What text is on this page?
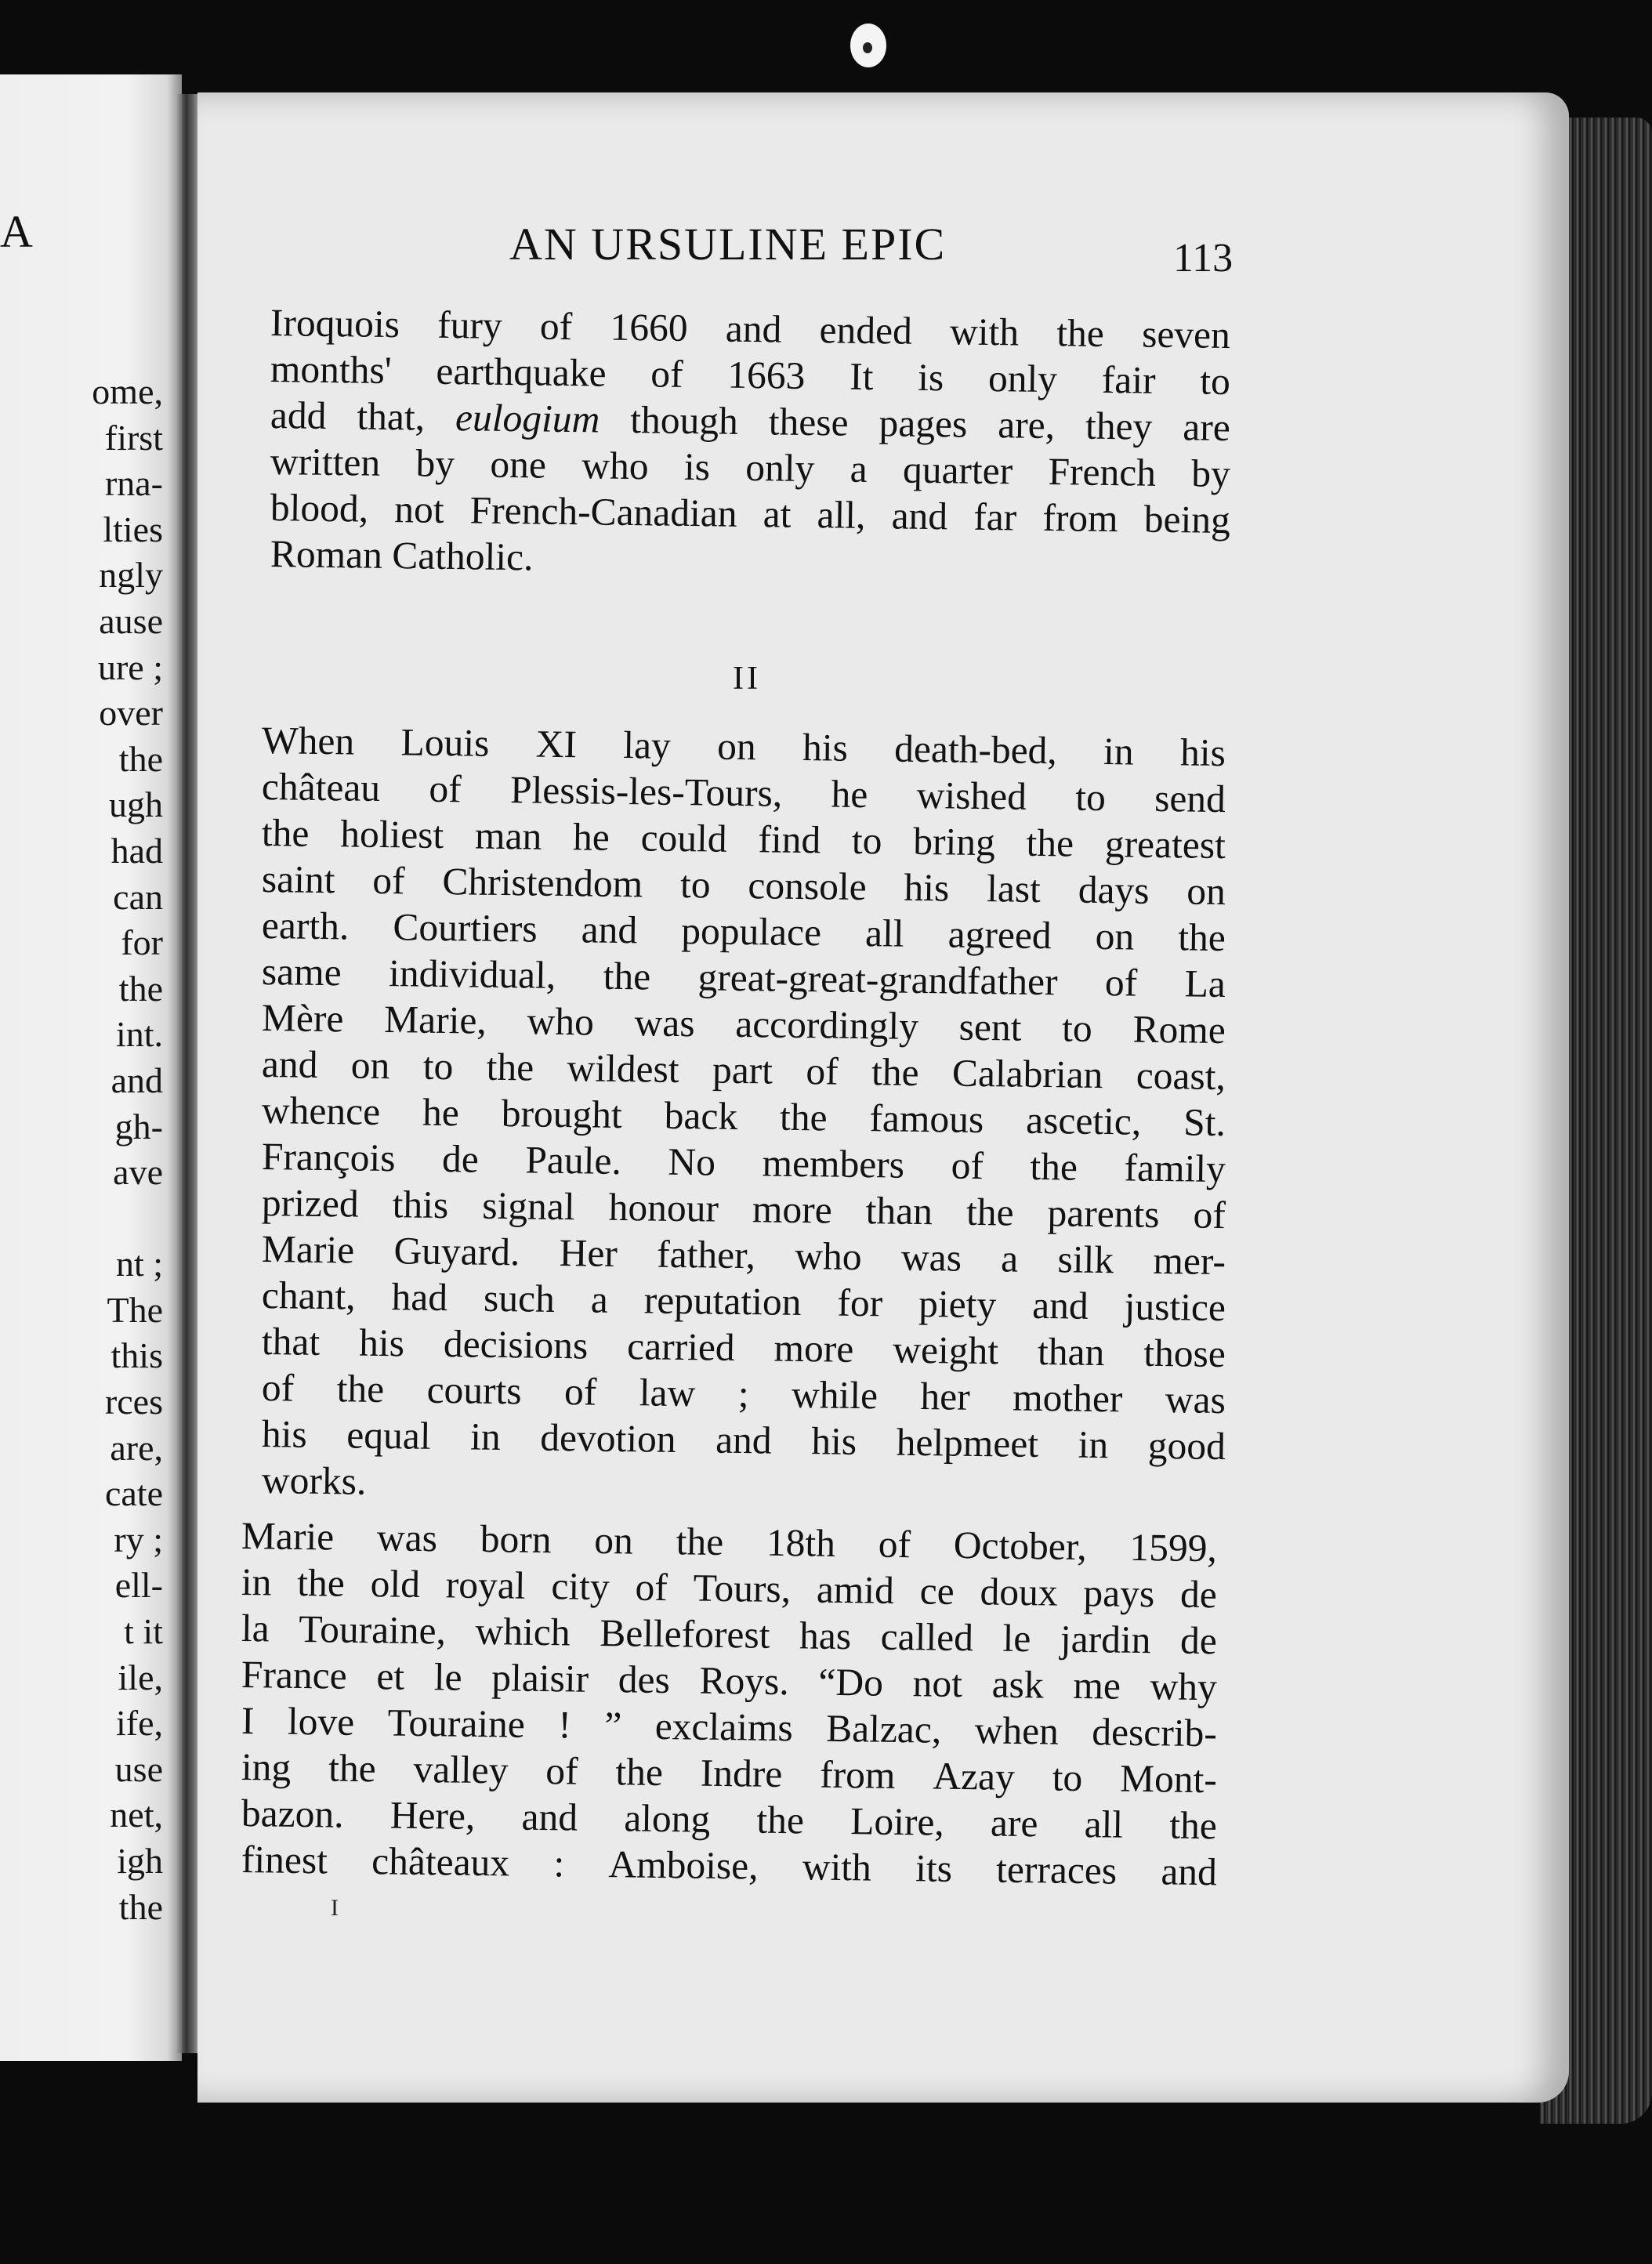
A
ome,
first
rna-
lties
ngly
ause
ure ;
over
the
ugh
had
can
for
the
int.
and
gh-
ave

nt ;
The
this
rces
are,
cate
ry ;
ell-
t it
ile,
ife,
use
net,
igh
the
AN URSULINE EPIC	113
Iroquois fury of 1660 and ended with the seven
months' earthquake of 1663 It is only fair to
add that, eulogium though these pages are, they are
written by one who is only a quarter French by
blood, not French-Canadian at all, and far from being
Roman Catholic.
II
When Louis XI lay on his death-bed, in his
château of Plessis-les-Tours, he wished to send
the holiest man he could find to bring the greatest
saint of Christendom to console his last days on
earth. Courtiers and populace all agreed on the
same individual, the great-great-grandfather of La
Mère Marie, who was accordingly sent to Rome
and on to the wildest part of the Calabrian coast,
whence he brought back the famous ascetic, St.
François de Paule. No members of the family
prized this signal honour more than the parents of
Marie Guyard. Her father, who was a silk mer-
chant, had such a reputation for piety and justice
that his decisions carried more weight than those
of the courts of law ; while her mother was
his equal in devotion and his helpmeet in good
works.
Marie was born on the 18th of October, 1599,
in the old royal city of Tours, amid ce doux pays de
la Touraine, which Belleforest has called le jardin de
France et le plaisir des Roys. “Do not ask me why
I love Touraine ! ” exclaims Balzac, when describ-
ing the valley of the Indre from Azay to Mont-
bazon. Here, and along the Loire, are all the
finest châteaux : Amboise, with its terraces and
I
